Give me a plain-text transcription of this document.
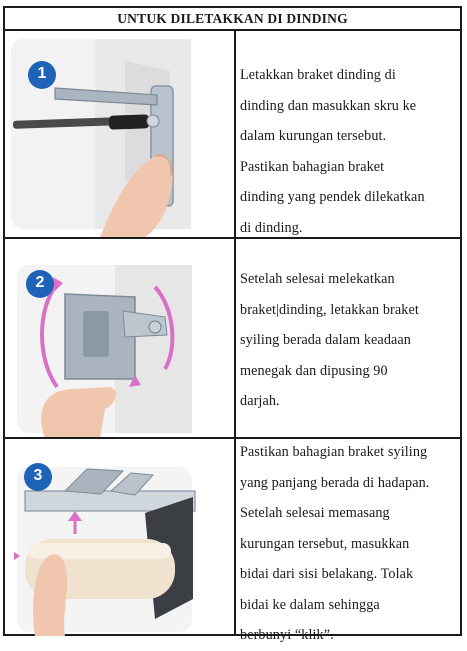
UNTUK DILETAKKAN DI DINDING
1	Letakkan braket dinding di
dinding dan masukkan skru ke
dalam kurungan tersebut.
Pastikan bahagian braket
dinding yang pendek dilekatkan
di dinding.
2	Setelah selesai melekatkan
braket|dinding, letakkan braket
syiling berada dalam keadaan
menegak dan dipusing 90
darjah.
3
Pastikan bahagian braket syiling
yang panjang berada di hadapan.
Setelah selesai memasang
kurungan tersebut, masukkan
bidai dari sisi belakang. Tolak
bidai ke dalam sehingga
berbunyi “klik”.
